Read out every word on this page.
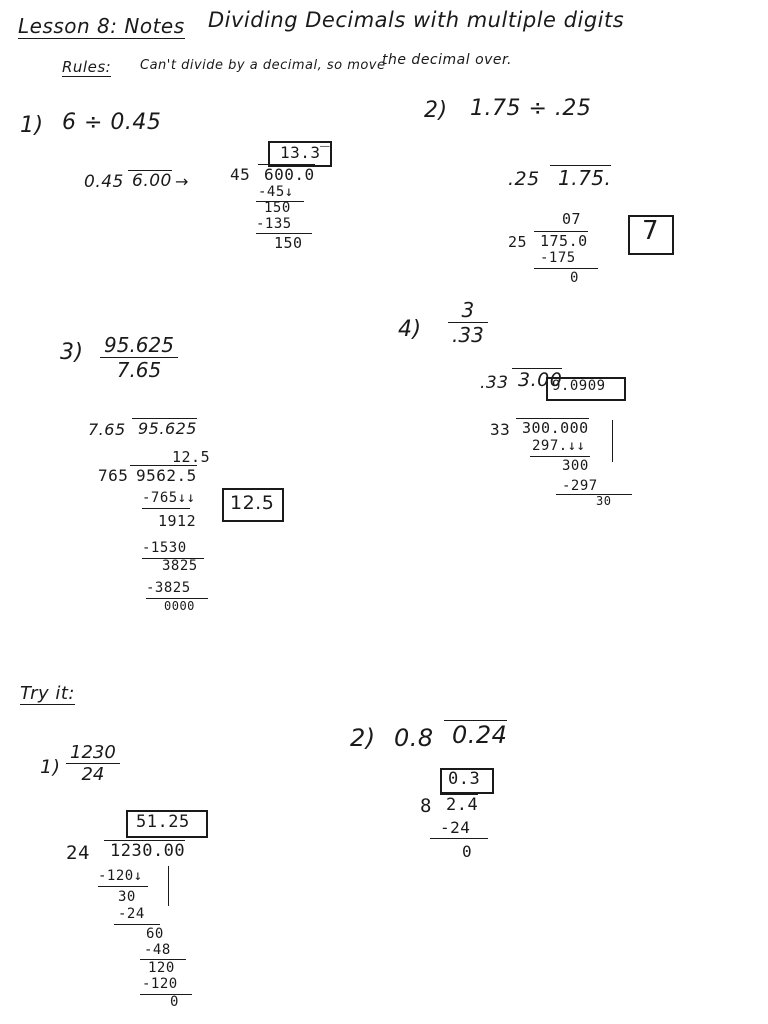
Lesson 8: Notes Dividing Decimals with multiple digits
Rules: Can't divide by a decimal, so move
the decimal over.
1) 6 ÷ 0.45
0.45 6.00 →
13.3̅
45 600.0
-45↓
150
-135
150
2) 1.75 ÷ .25
.25 1.75.
07
25 175.0
-175
0
7
$3) \frac{95.625}{7.65}$
7.65 95.625
12.5
765 9562.5
-765↓↓
1912
-1530
3825
-3825
0000
12.5
$4) \frac{3}{.33}$
.33 3.00
9.0909
33 300.000
297.↓↓
300
-297
30
Try it:
$1) \frac{1230}{24}$
51.25
24	1230.00
-120↓
30
-24
60
-48
120
-120
0
2) 0.8 0.24
0.3
8 2.4
-24
0
